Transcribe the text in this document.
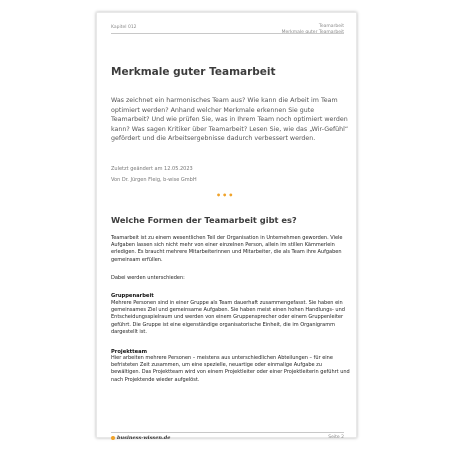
Kapitel 012	Teamarbeit
Merkmale guter Teamarbeit
Merkmale guter Teamarbeit

Was zeichnet ein harmonisches Team aus? Wie kann die Arbeit im Team optimiert werden? Anhand welcher Merkmale erkennen Sie gute Teamarbeit? Und wie prüfen Sie, was in Ihrem Team noch optimiert werden kann? Was sagen Kritiker über Teamarbeit? Lesen Sie, wie das „Wir-Gefühl“ gefördert und die Arbeitsergebnisse dadurch verbessert werden.

Zuletzt geändert am 12.05.2023
Von Dr. Jürgen Fleig, b-wise GmbH
•••
Welche Formen der Teamarbeit gibt es?

Teamarbeit ist zu einem wesentlichen Teil der Organisation in Unternehmen geworden. Viele Aufgaben lassen sich nicht mehr von einer einzelnen Person, allein im stillen Kämmerlein erledigen. Es braucht mehrere Mitarbeiterinnen und Mitarbeiter, die als Team ihre Aufgaben gemeinsam erfüllen.

Dabei werden unterschieden:

Gruppenarbeit

Mehrere Personen sind in einer Gruppe als Team dauerhaft zusammengefasst. Sie haben ein gemeinsames Ziel und gemeinsame Aufgaben. Sie haben meist einen hohen Handlungs- und Entscheidungsspielraum und werden von einem Gruppensprecher oder einem Gruppenleiter geführt. Die Gruppe ist eine eigenständige organisatorische Einheit, die im Organigramm dargestellt ist.

Projektteam

Hier arbeiten mehrere Personen – meistens aus unterschiedlichen Abteilungen – für eine befristeten Zeit zusammen, um eine spezielle, neuartige oder einmalige Aufgabe zu bewältigen. Das Projektteam wird von einem Projektleiter oder einer Projektleiterin geführt und nach Projektende wieder aufgelöst.

business-wissen.de	Seite 2
